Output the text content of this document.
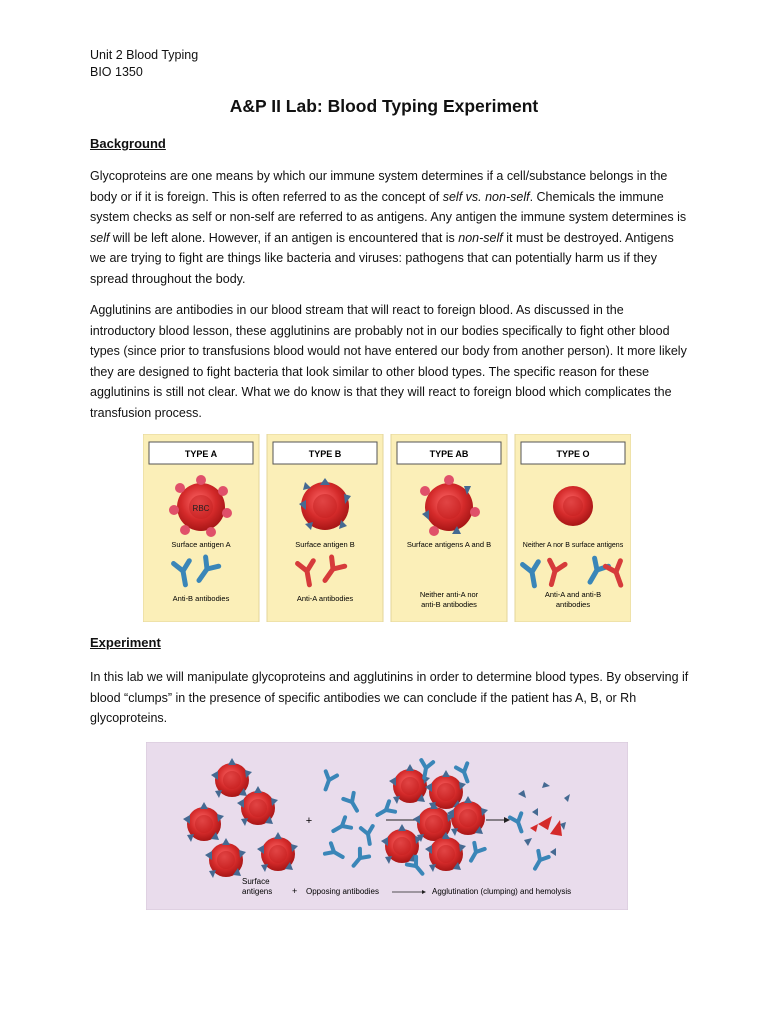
Unit 2 Blood Typing
BIO 1350
A&P II Lab: Blood Typing Experiment
Background
Glycoproteins are one means by which our immune system determines if a cell/substance belongs in the body or if it is foreign. This is often referred to as the concept of self vs. non-self. Chemicals the immune system checks as self or non-self are referred to as antigens. Any antigen the immune system determines is self will be left alone. However, if an antigen is encountered that is non-self it must be destroyed. Antigens we are trying to fight are things like bacteria and viruses: pathogens that can potentially harm us if they spread throughout the body.
Agglutinins are antibodies in our blood stream that will react to foreign blood. As discussed in the introductory blood lesson, these agglutinins are probably not in our bodies specifically to fight other blood types (since prior to transfusions blood would not have entered our body from another person). It more likely they are designed to fight bacteria that look similar to other blood types. The specific reason for these agglutinins is still not clear. What we do know is that they will react to foreign blood which complicates the transfusion process.
TYPE A
RBC
Surface antigen A
Anti-B antibodies
TYPE B
Surface antigen B
Anti-A antibodies
TYPE AB
Surface antigens A and B
Neither anti-A nor
anti-B antibodies
TYPE O
Neither A nor B surface antigens
Anti-A and anti-B
antibodies
Experiment
In this lab we will manipulate glycoproteins and agglutinins in order to determine blood types. By observing if blood “clumps” in the presence of specific antibodies we can conclude if the patient has A, B, or Rh glycoproteins.
+
Surface
antigens + Opposing antibodies	Agglutination (clumping) and hemolysis
